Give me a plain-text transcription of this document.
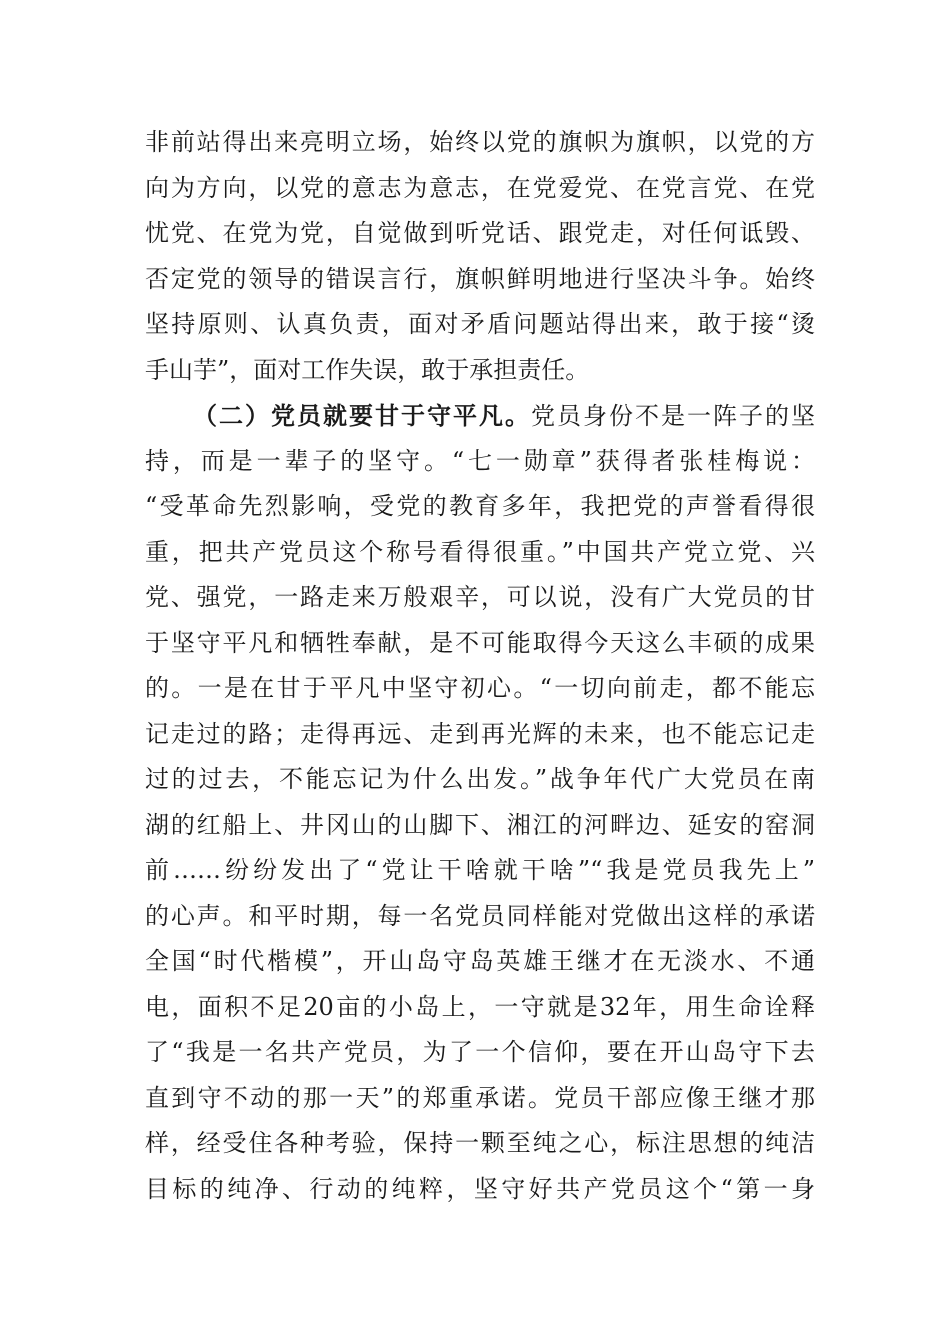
非前站得出来亮明立场，始终以党的旗帜为旗帜，以党的方
向为方向，以党的意志为意志，在党爱党、在党言党、在党
忧党、在党为党，自觉做到听党话、跟党走，对任何诋毁、
否定党的领导的错误言行，旗帜鲜明地进行坚决斗争。始终
坚持原则、认真负责，面对矛盾问题站得出来，敢于接“烫
手山芋”，面对工作失误，敢于承担责任。
（二）党员就要甘于守平凡。党员身份不是一阵子的坚
持，而是一辈子的坚守。“七一勋章”获得者张桂梅说：
“受革命先烈影响，受党的教育多年，我把党的声誉看得很
重，把共产党员这个称号看得很重。”中国共产党立党、兴
党、强党，一路走来万般艰辛，可以说，没有广大党员的甘
于坚守平凡和牺牲奉献，是不可能取得今天这么丰硕的成果
的。一是在甘于平凡中坚守初心。“一切向前走，都不能忘
记走过的路；走得再远、走到再光辉的未来，也不能忘记走
过的过去，不能忘记为什么出发。”战争年代广大党员在南
湖的红船上、井冈山的山脚下、湘江的河畔边、延安的窑洞
前……纷纷发出了“党让干啥就干啥”“我是党员我先上”
的心声。和平时期，每一名党员同样能对党做出这样的承诺
全国“时代楷模”，开山岛守岛英雄王继才在无淡水、不通
电，面积不足20亩的小岛上，一守就是32年，用生命诠释
了“我是一名共产党员，为了一个信仰，要在开山岛守下去
直到守不动的那一天”的郑重承诺。党员干部应像王继才那
样，经受住各种考验，保持一颗至纯之心，标注思想的纯洁
目标的纯净、行动的纯粹，坚守好共产党员这个“第一身
